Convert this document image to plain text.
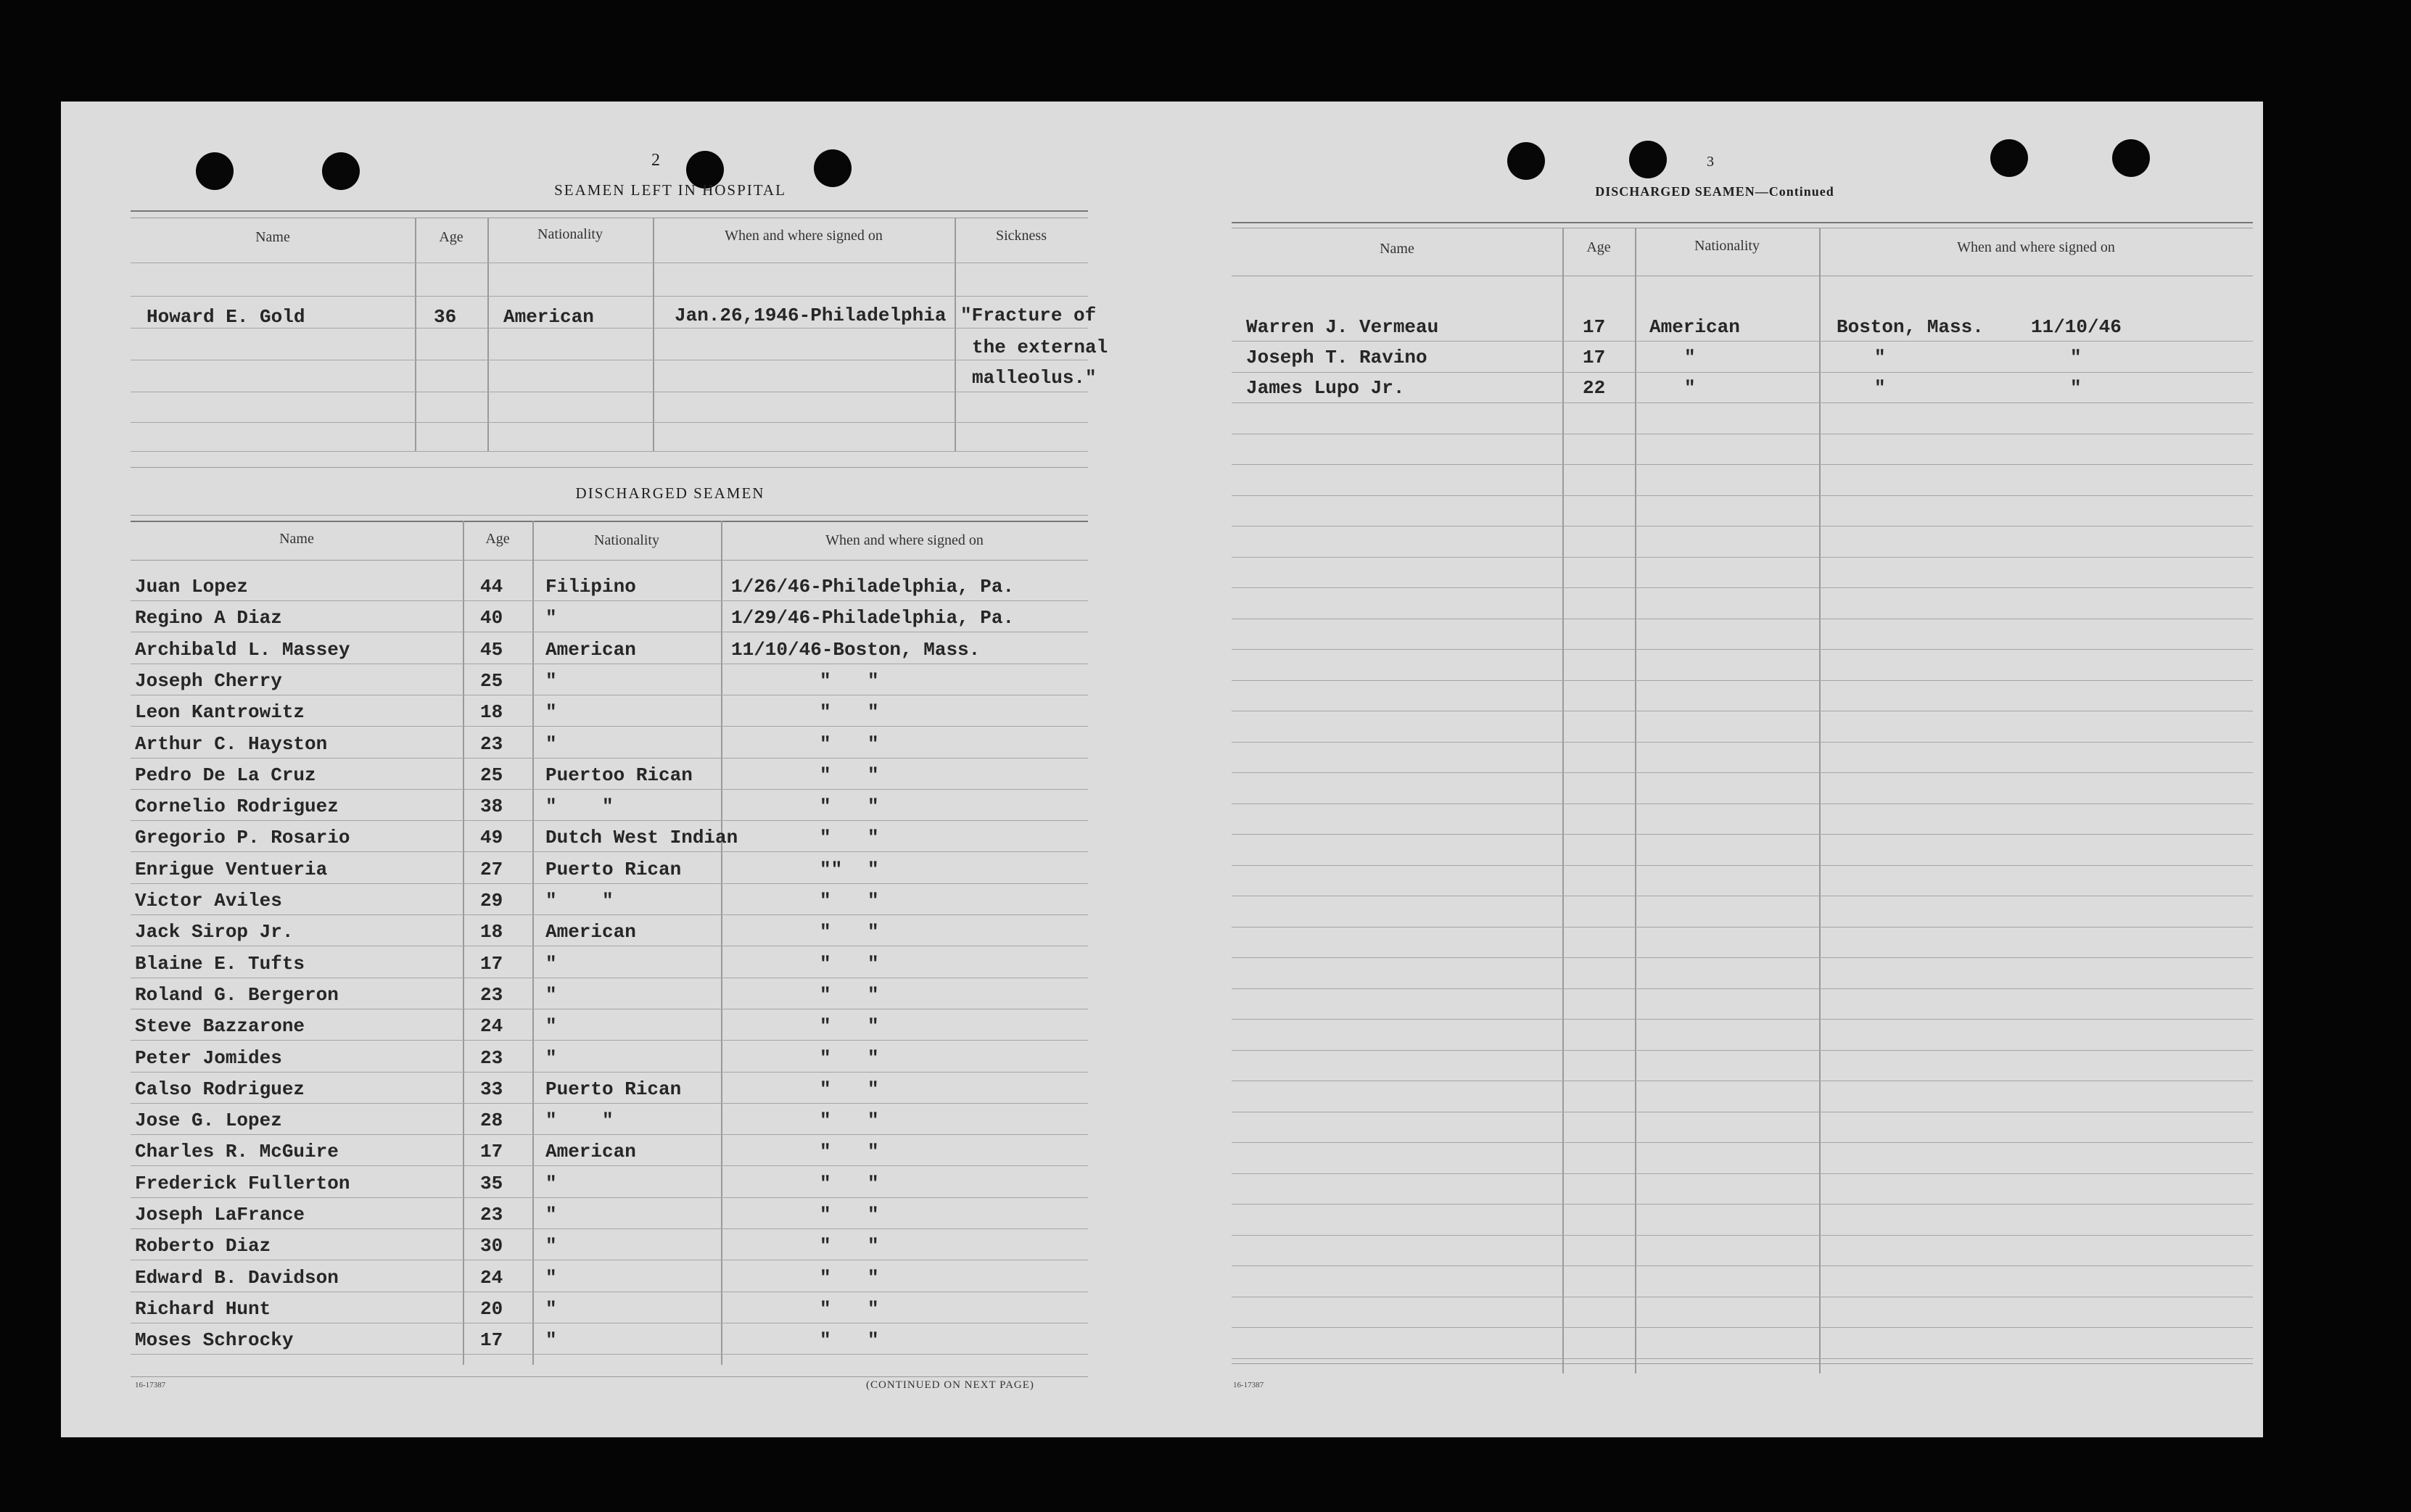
2
SEAMEN LEFT IN HOSPITAL
Name	Age	Nationality	When and where signed on	Sickness
Howard E. Gold	36 American	Jan.26,1946-Philadelphia "Fracture of
the external
malleolus."
DISCHARGED SEAMEN
Name	Age	Nationality	When and where signed on
Juan Lopez	44 Filipino	1/26/46-Philadelphia, Pa.
Regino A Diaz	40 "	1/29/46-Philadelphia, Pa.
Archibald L. Massey	45 American	11/10/46-Boston, Mass.
Joseph Cherry	25 "	" "
Leon Kantrowitz	18 "	" "
Arthur C. Hayston	23 "	" "
Pedro De La Cruz	25 Puertoo Rican	" "
Cornelio Rodriguez	38 "    "	" "
Gregorio P. Rosario	49 Dutch West Indian	" "
Enrigue Ventueria	27 Puerto Rican	"" "
Victor Aviles	29 "    "	" "
Jack Sirop Jr.	18 American	" "
Blaine E. Tufts	17 "	" "
Roland G. Bergeron	23 "	" "
Steve Bazzarone	24 "	" "
Peter Jomides	23 "	" "
Calso Rodriguez	33 Puerto Rican	" "
Jose G. Lopez	28 "    "	" "
Charles R. McGuire	17 American	" "
Frederick Fullerton	35 "	" "
Joseph LaFrance	23 "	" "
Roberto Diaz	30 "	" "
Edward B. Davidson	24 "	" "
Richard Hunt	20 "	" "
Moses Schrocky	17 "	" "
16-17387	(CONTINUED ON NEXT PAGE)
3
DISCHARGED SEAMEN—Continued
Name	Age	Nationality	When and where signed on
Warren J. Vermeau	17 American	Boston, Mass.	11/10/46
Joseph T. Ravino	17	"	"	"
James Lupo Jr.	22	"	"	"
16-17387
